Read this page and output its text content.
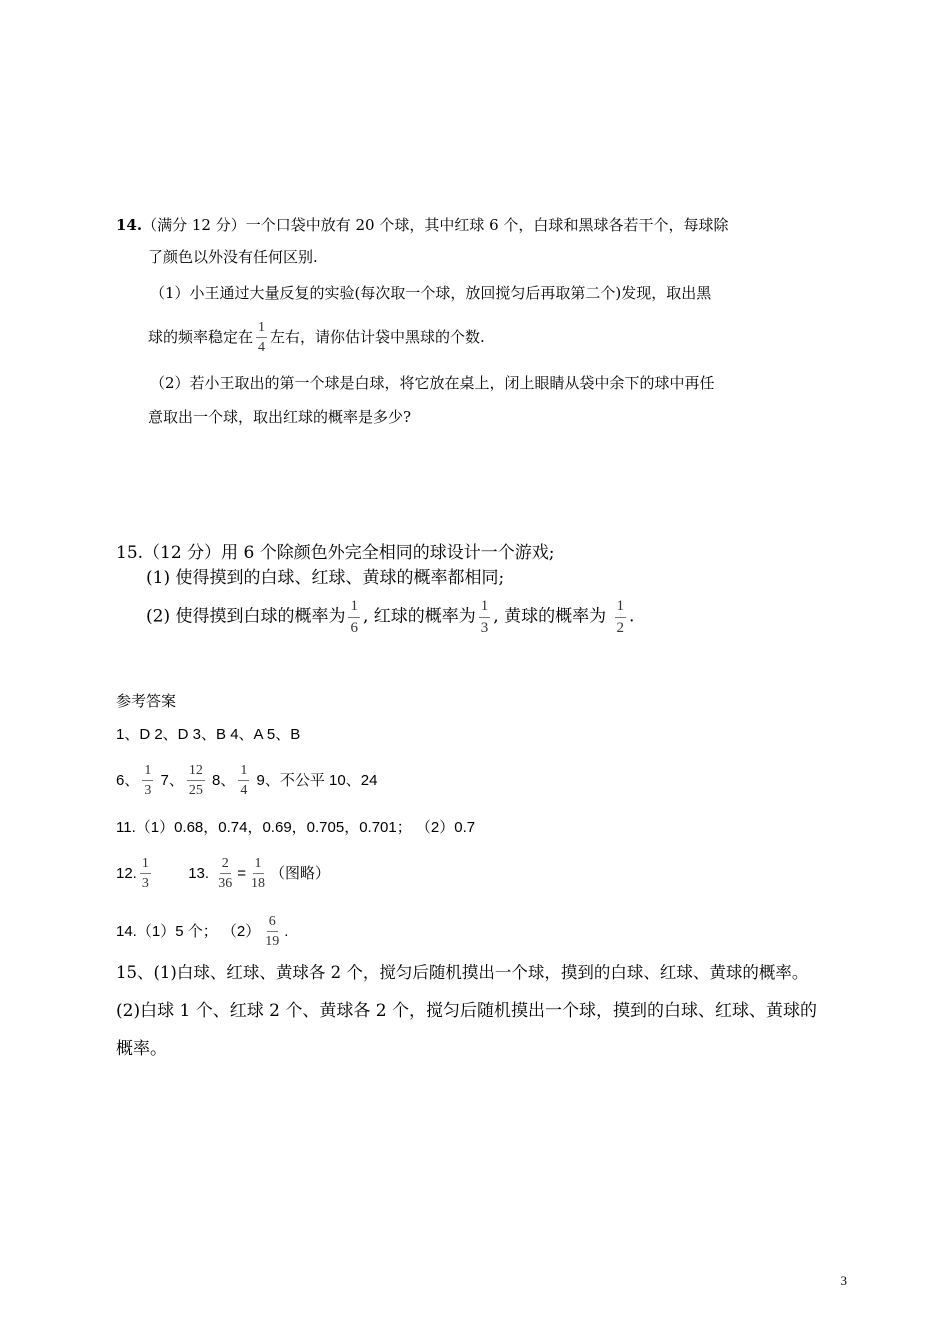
14.（满分 12 分）一个口袋中放有 20 个球，其中红球 6 个，白球和黑球各若干个，每球除
了颜色以外没有任何区别.
（1）小王通过大量反复的实验(每次取一个球，放回搅匀后再取第二个)发现，取出黑
球的频率稳定在 $\frac{1}{4}$ 左右，请你估计袋中黑球的个数.
（2）若小王取出的第一个球是白球，将它放在桌上，闭上眼睛从袋中余下的球中再任
意取出一个球，取出红球的概率是多少?
15.（12 分）用 6 个除颜色外完全相同的球设计一个游戏;
(1) 使得摸到的白球、红球、黄球的概率都相同;
(2) 使得摸到白球的概率为 $\frac{1}{6}$ , 红球的概率为 $\frac{1}{3}$ , 黄球的概率为 $\frac{1}{2}$ .
参考答案
1、D 2、D 3、B 4、A 5、B
6、 $\frac{1}{3} 7$、 $\frac{12}{25} 8$、 $\frac{1}{4} 9$、不公平 10、24
11.（1）0.68，0.74，0.69，0.705，0.701； （2）0.7
12. $\frac{1}{3} 13$. $\frac{2}{36} = \frac{1}{18}$ （图略）
14.（1）5 个； $(2) \frac{6}{19}$ .
15、(1)白球、红球、黄球各 2 个，搅匀后随机摸出一个球，摸到的白球、红球、黄球的概率。
(2)白球 1 个、红球 2 个、黄球各 2 个，搅匀后随机摸出一个球，摸到的白球、红球、黄球的
概率。
3
